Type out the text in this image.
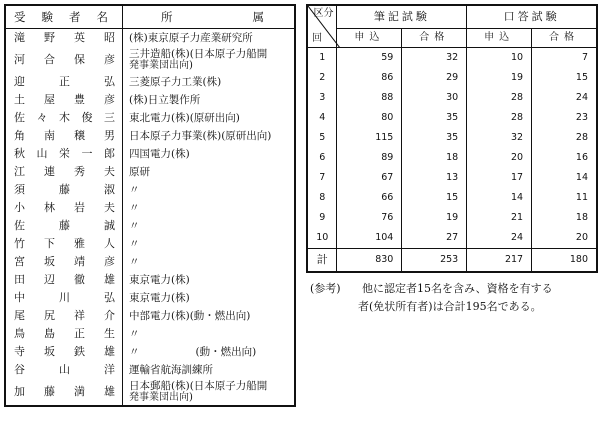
受験者名	所属
滝野英昭	(株)東京原子力産業研究所
河合保彦	三井造船(株)(日本原子力船開
発事業団出向)

迎正弘	三菱原子力工業(株)
土屋豊彦	(株)日立製作所
佐々木俊三	東北電力(株)(原研出向)
角南穣男	日本原子力事業(株)(原研出向)
秋山栄一郎	四国電力(株)
江連秀夫	原研
須藤淑	〃
小林岩夫	〃
佐藤誠	〃
竹下雅人	〃
宮坂靖彦	〃
田辺徹雄	東京電力(株)
中川弘	東京電力(株)
尾尻祥介	中部電力(株)(動・燃出向)
鳥島正生	〃
寺坂鉄雄	〃 (動・燃出向)
谷山洋	運輸省航海訓練所
加藤満雄	日本郵船(株)(日本原子力船開
発事業団出向)
区分
回	筆記試験		口答試験	
	申込	合格	申込	合格
1	59	32	10	7
2	86	29	19	15
3	88	30	28	24
4	80	35	28	23
5	115	35	32	28
6	89	18	20	16
7	67	13	17	14
8	66	15	14	11
9	76	19	21	18
10	104	27	24	20
計	830	253	217	180
(参考) 他に認定者15名を含み、資格を有する
者(免状所有者)は合計195名である。
